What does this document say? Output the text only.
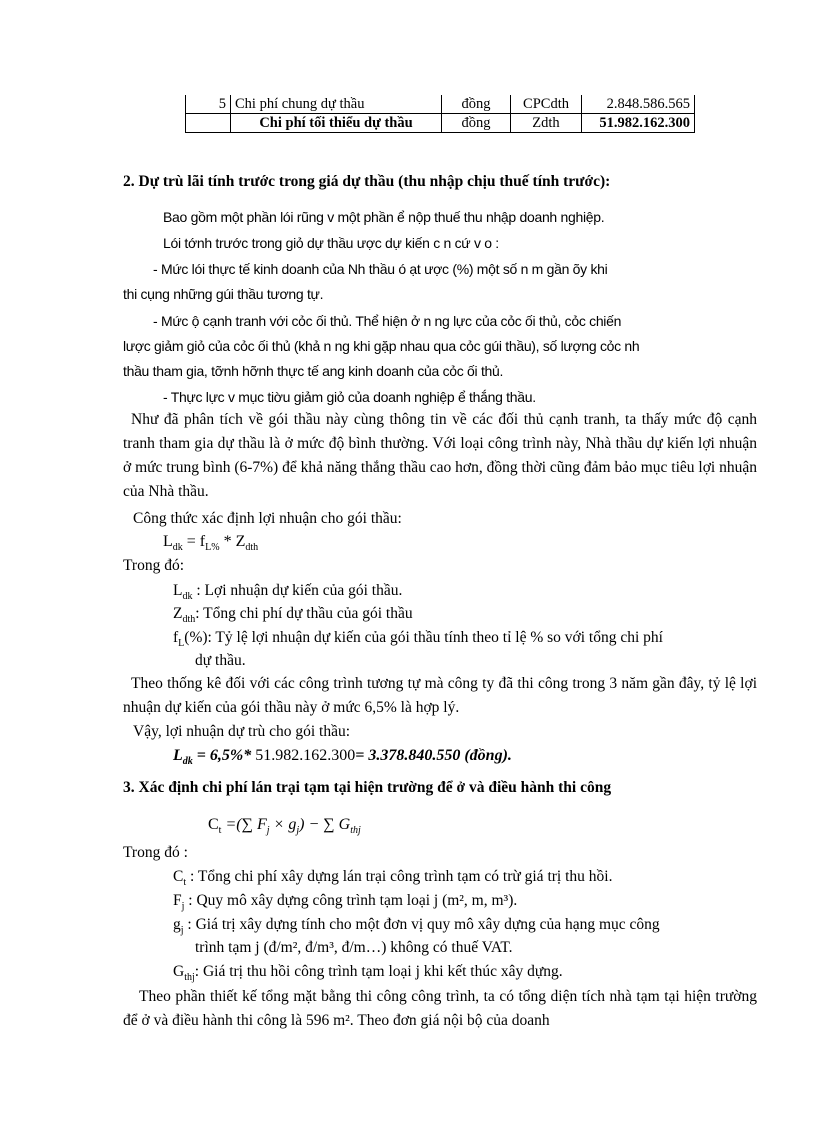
5	Chi phí chung dự thầu	đồng	CPCdth	2.848.586.565
	Chi phí tối thiểu dự thầu	đồng	Zdth	51.982.162.300
2. Dự trù lãi tính trước trong giá dự thầu (thu nhập chịu thuế tính trước):
Bao gồm một phần lói rũng v một phần ể nộp thuế thu nhập doanh nghiệp.
Lói tớnh trước trong giỏ dự thầu ược dự kiến c n cứ v o :
- Mức lói thực tế kinh doanh của Nh thầu ó ạt ược (%) một số n m gần õy khi
thi cụng những gúi thầu tương tự.
- Mức ộ cạnh tranh với cỏc ối thủ. Thể hiện ở n ng lực của cỏc ối thủ, cỏc chiến
lược giảm giỏ của cỏc ối thủ (khả n ng khi gặp nhau qua cỏc gúi thầu), số lượng cỏc nh
thầu tham gia, tỡnh hỡnh thực tế ang kinh doanh của cỏc ối thủ.
- Thực lực v mục tiờu giảm giỏ của doanh nghiệp ể thắng thầu.
Như đã phân tích về gói thầu này cùng thông tin về các đối thủ cạnh tranh, ta thấy mức độ cạnh tranh tham gia dự thầu là ở mức độ bình thường. Với loại công trình này, Nhà thầu dự kiến lợi nhuận ở mức trung bình (6-7%) để khả năng thắng thầu cao hơn, đồng thời cũng đảm bảo mục tiêu lợi nhuận của Nhà thầu.
Công thức xác định lợi nhuận cho gói thầu:
$L_{dk} = f_{L\%} * Z_{dth}$
Trong đó:
$L_{dk}$ : Lợi nhuận dự kiến của gói thầu.
$Z_{dth}$: Tổng chi phí dự thầu của gói thầu
$f_L(\%)$: Tỷ lệ lợi nhuận dự kiến của gói thầu tính theo tỉ lệ % so với tổng chi phí
dự thầu.
Theo thống kê đối với các công trình tương tự mà công ty đã thi công trong 3 năm gần đây, tỷ lệ lợi nhuận dự kiến của gói thầu này ở mức 6,5% là hợp lý.
Vậy, lợi nhuận dự trù cho gói thầu:
$L_{dk} = 6,5\%*$ 51.982.162.300= 3.378.840.550 (đồng).
3. Xác định chi phí lán trại tạm tại hiện trường để ở và điều hành thi công
$C_t$ =(∑ $F_j \times g_j$) − ∑ $G_{thj}$
Trong đó :
$C_t$ : Tổng chi phí xây dựng lán trại công trình tạm có trừ giá trị thu hồi.
$F_j$ : Quy mô xây dựng công trình tạm loại j (m², m, m³).
$g_j$ : Giá trị xây dựng tính cho một đơn vị quy mô xây dựng của hạng mục công
trình tạm j (đ/m², đ/m³, đ/m…) không có thuế VAT.
$G_{thj}$: Giá trị thu hồi công trình tạm loại j khi kết thúc xây dựng.
Theo phần thiết kế tổng mặt bằng thi công công trình, ta có tổng diện tích nhà tạm tại hiện trường để ở và điều hành thi công là 596 m². Theo đơn giá nội bộ của doanh
